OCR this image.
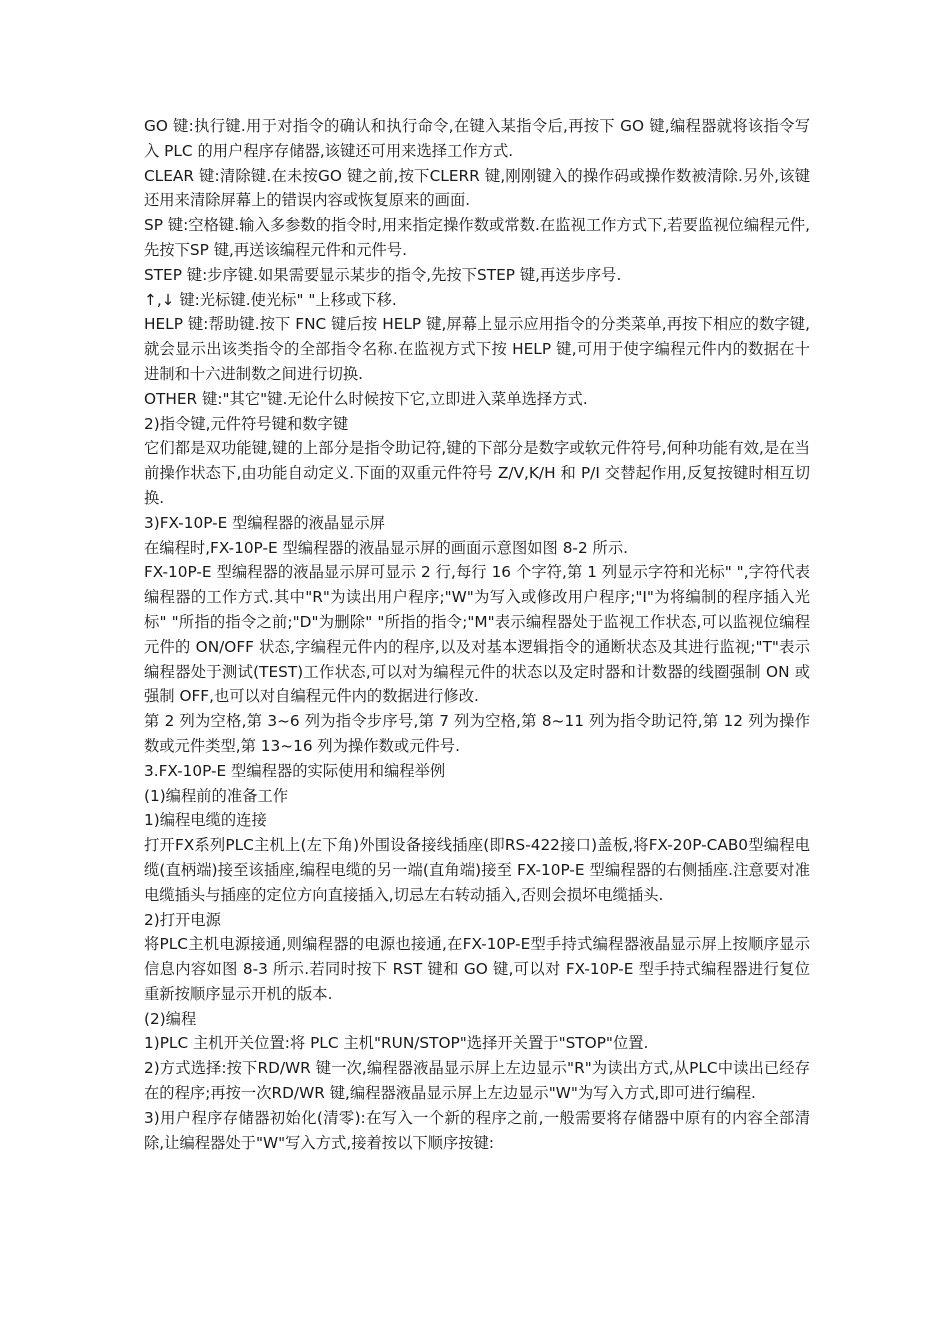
GO 键:执行键.用于对指令的确认和执行命令,在键入某指令后,再按下 GO 键,编程器就将该指令写入 PLC 的用户程序存储器,该键还可用来选择工作方式.

CLEAR 键:清除键.在未按GO 键之前,按下CLERR 键,刚刚键入的操作码或操作数被清除.另外,该键还用来清除屏幕上的错误内容或恢复原来的画面.

SP 键:空格键.输入多参数的指令时,用来指定操作数或常数.在监视工作方式下,若要监视位编程元件,先按下SP 键,再送该编程元件和元件号.

STEP 键:步序键.如果需要显示某步的指令,先按下STEP 键,再送步序号.

↑,↓ 键:光标键.使光标" "上移或下移.

HELP 键:帮助键.按下 FNC 键后按 HELP 键,屏幕上显示应用指令的分类菜单,再按下相应的数字键,就会显示出该类指令的全部指令名称.在监视方式下按 HELP 键,可用于使字编程元件内的数据在十进制和十六进制数之间进行切换.

OTHER 键:"其它"键.无论什么时候按下它,立即进入菜单选择方式.

2)指令键,元件符号键和数字键

它们都是双功能键,键的上部分是指令助记符,键的下部分是数字或软元件符号,何种功能有效,是在当前操作状态下,由功能自动定义.下面的双重元件符号 Z/V,K/H 和 P/I 交替起作用,反复按键时相互切换.

3)FX-10P-E 型编程器的液晶显示屏

在编程时,FX-10P-E 型编程器的液晶显示屏的画面示意图如图 8-2 所示.

FX-10P-E 型编程器的液晶显示屏可显示 2 行,每行 16 个字符,第 1 列显示字符和光标" ",字符代表编程器的工作方式.其中"R"为读出用户程序;"W"为写入或修改用户程序;"I"为将编制的程序插入光标" "所指的指令之前;"D"为删除" "所指的指令;"M"表示编程器处于监视工作状态,可以监视位编程元件的 ON/OFF 状态,字编程元件内的程序,以及对基本逻辑指令的通断状态及其进行监视;"T"表示编程器处于测试(TEST)工作状态,可以对为编程元件的状态以及定时器和计数器的线圈强制 ON 或强制 OFF,也可以对自编程元件内的数据进行修改.

第 2 列为空格,第 3~6 列为指令步序号,第 7 列为空格,第 8~11 列为指令助记符,第 12 列为操作数或元件类型,第 13~16 列为操作数或元件号.

3.FX-10P-E 型编程器的实际使用和编程举例

(1)编程前的准备工作

1)编程电缆的连接

打开FX系列PLC主机上(左下角)外围设备接线插座(即RS-422接口)盖板,将FX-20P-CAB0型编程电缆(直柄端)接至该插座,编程电缆的另一端(直角端)接至 FX-10P-E 型编程器的右侧插座.注意要对准电缆插头与插座的定位方向直接插入,切忌左右转动插入,否则会损坏电缆插头.

2)打开电源

将PLC主机电源接通,则编程器的电源也接通,在FX-10P-E型手持式编程器液晶显示屏上按顺序显示信息内容如图 8-3 所示.若同时按下 RST 键和 GO 键,可以对 FX-10P-E 型手持式编程器进行复位重新按顺序显示开机的版本.

(2)编程

1)PLC 主机开关位置:将 PLC 主机"RUN/STOP"选择开关置于"STOP"位置.

2)方式选择:按下RD/WR 键一次,编程器液晶显示屏上左边显示"R"为读出方式,从PLC中读出已经存在的程序;再按一次RD/WR 键,编程器液晶显示屏上左边显示"W"为写入方式,即可进行编程.

3)用户程序存储器初始化(清零):在写入一个新的程序之前,一般需要将存储器中原有的内容全部清除,让编程器处于"W"写入方式,接着按以下顺序按键:
